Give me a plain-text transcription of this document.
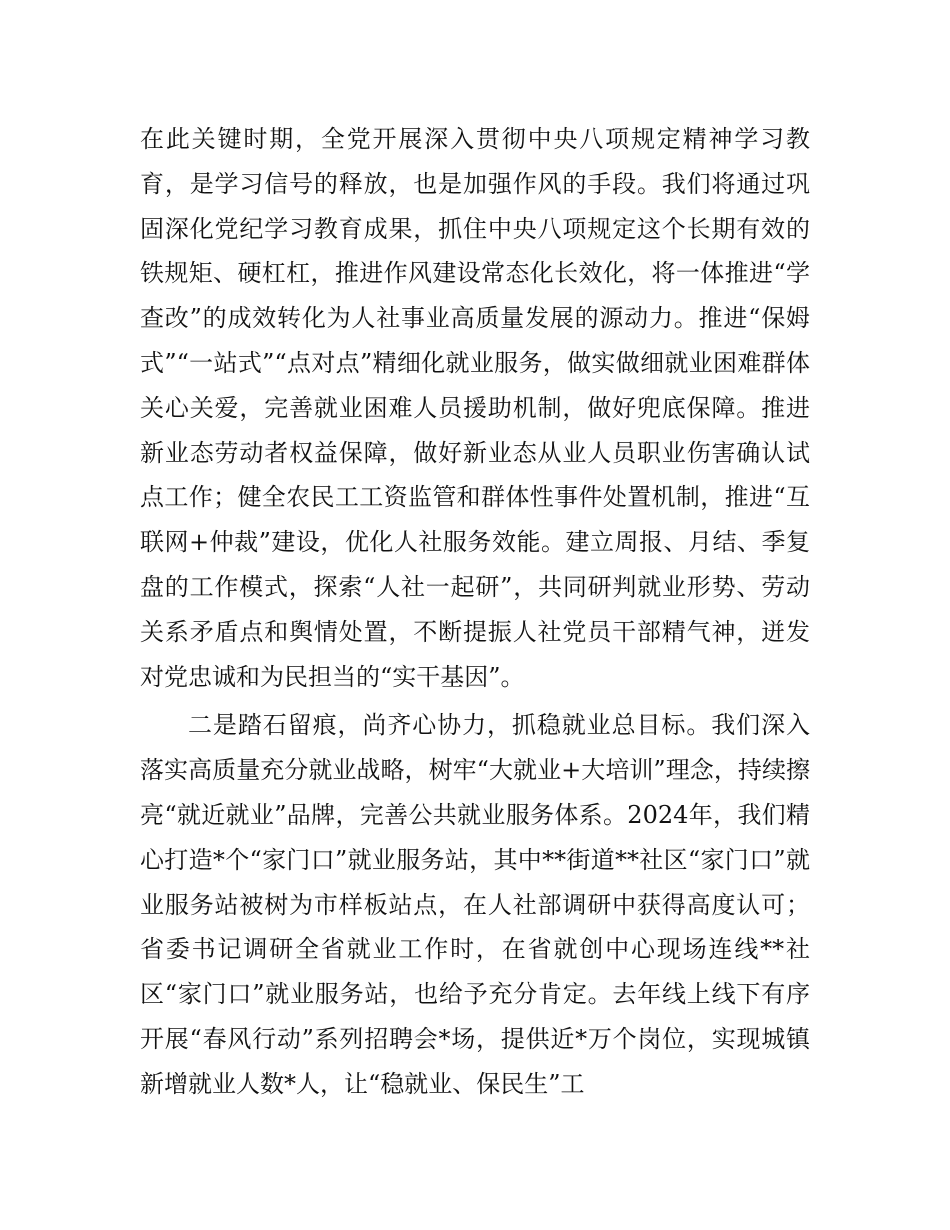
在此关键时期，全党开展深入贯彻中央八项规定精神学习教育，是学习信号的释放，也是加强作风的手段。我们将通过巩固深化党纪学习教育成果，抓住中央八项规定这个长期有效的铁规矩、硬杠杠，推进作风建设常态化长效化，将一体推进“学查改”的成效转化为人社事业高质量发展的源动力。推进“保姆式”“一站式”“点对点”精细化就业服务，做实做细就业困难群体关心关爱，完善就业困难人员援助机制，做好兜底保障。推进新业态劳动者权益保障，做好新业态从业人员职业伤害确认试点工作；健全农民工工资监管和群体性事件处置机制，推进“互联网+仲裁”建设，优化人社服务效能。建立周报、月结、季复盘的工作模式，探索“人社一起研”，共同研判就业形势、劳动关系矛盾点和舆情处置，不断提振人社党员干部精气神，迸发对党忠诚和为民担当的“实干基因”。

二是踏石留痕，尚齐心协力，抓稳就业总目标。我们深入落实高质量充分就业战略，树牢“大就业+大培训”理念，持续擦亮“就近就业”品牌，完善公共就业服务体系。2024年，我们精心打造*个“家门口”就业服务站，其中**街道**社区“家门口”就业服务站被树为市样板站点，在人社部调研中获得高度认可；省委书记调研全省就业工作时，在省就创中心现场连线**社区“家门口”就业服务站，也给予充分肯定。去年线上线下有序开展“春风行动”系列招聘会*场，提供近*万个岗位，实现城镇新增就业人数*人，让“稳就业、保民生”工
